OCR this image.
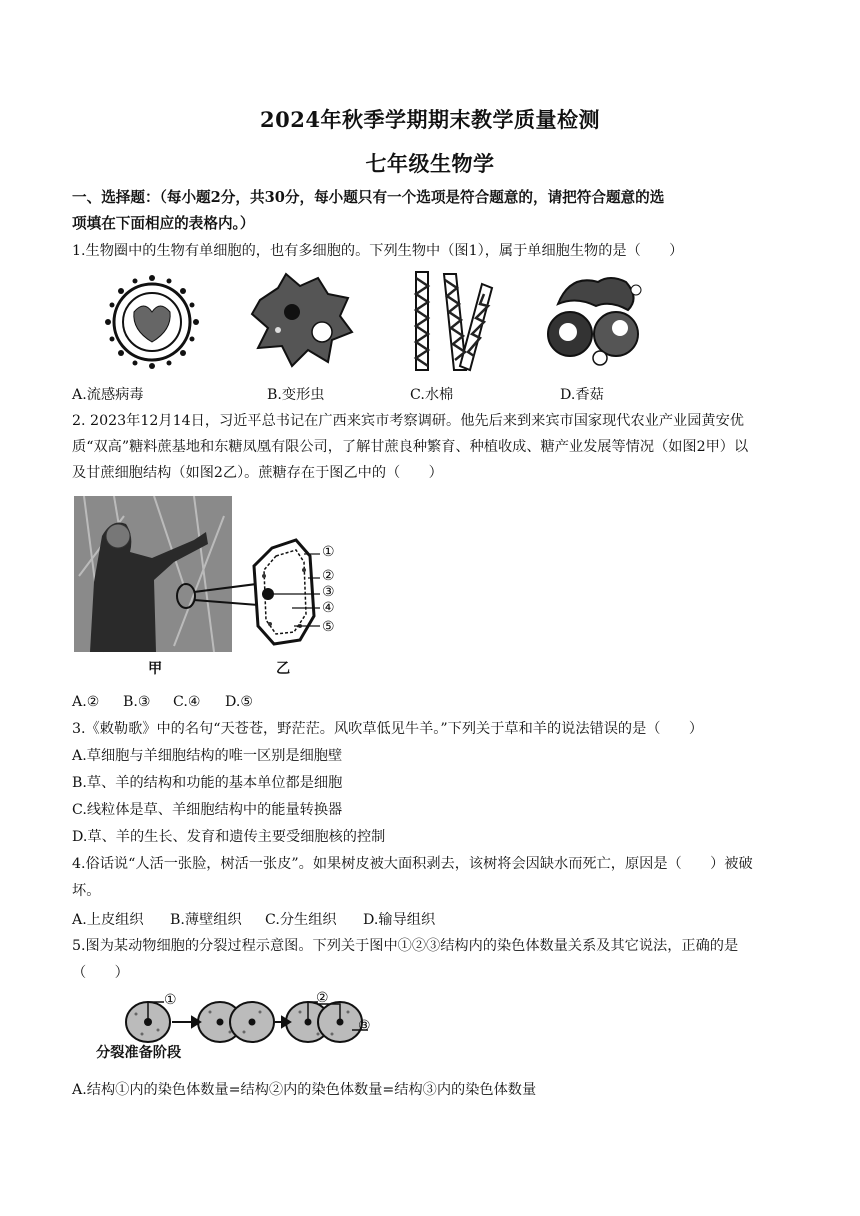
2024年秋季学期期末教学质量检测
七年级生物学
一、选择题：（每小题2分，共30分，每小题只有一个选项是符合题意的，请把符合题意的选
项填在下面相应的表格内。）
1.生物圈中的生物有单细胞的，也有多细胞的。下列生物中（图1），属于单细胞生物的是（　　）
A.流感病毒	B.变形虫	C.水棉	D.香菇
2. 2023年12月14日，习近平总书记在广西来宾市考察调研。他先后来到来宾市国家现代农业产业园黄安优
质“双高”糖料蔗基地和东糖凤凰有限公司，了解甘蔗良种繁育、种植收成、糖产业发展等情况（如图2甲）以
及甘蔗细胞结构（如图2乙）。蔗糖存在于图乙中的（　　）
①
②
③
④
⑤
甲	乙
A.② B.③ C.④ D.⑤
3.《敕勒歌》中的名句“天苍苍，野茫茫。风吹草低见牛羊。”下列关于草和羊的说法错误的是（　　）
A.草细胞与羊细胞结构的唯一区别是细胞壁
B.草、羊的结构和功能的基本单位都是细胞
C.线粒体是草、羊细胞结构中的能量转换器
D.草、羊的生长、发育和遗传主要受细胞核的控制
4.俗话说“人活一张脸，树活一张皮”。如果树皮被大面积剥去，该树将会因缺水而死亡，原因是（　　）被破
坏。
A.上皮组织 B.薄壁组织 C.分生组织 D.输导组织
5.图为某动物细胞的分裂过程示意图。下列关于图中①②③结构内的染色体数量关系及其它说法，正确的是
（　　）
①	②
③
分裂准备阶段
A.结构①内的染色体数量=结构②内的染色体数量=结构③内的染色体数量
